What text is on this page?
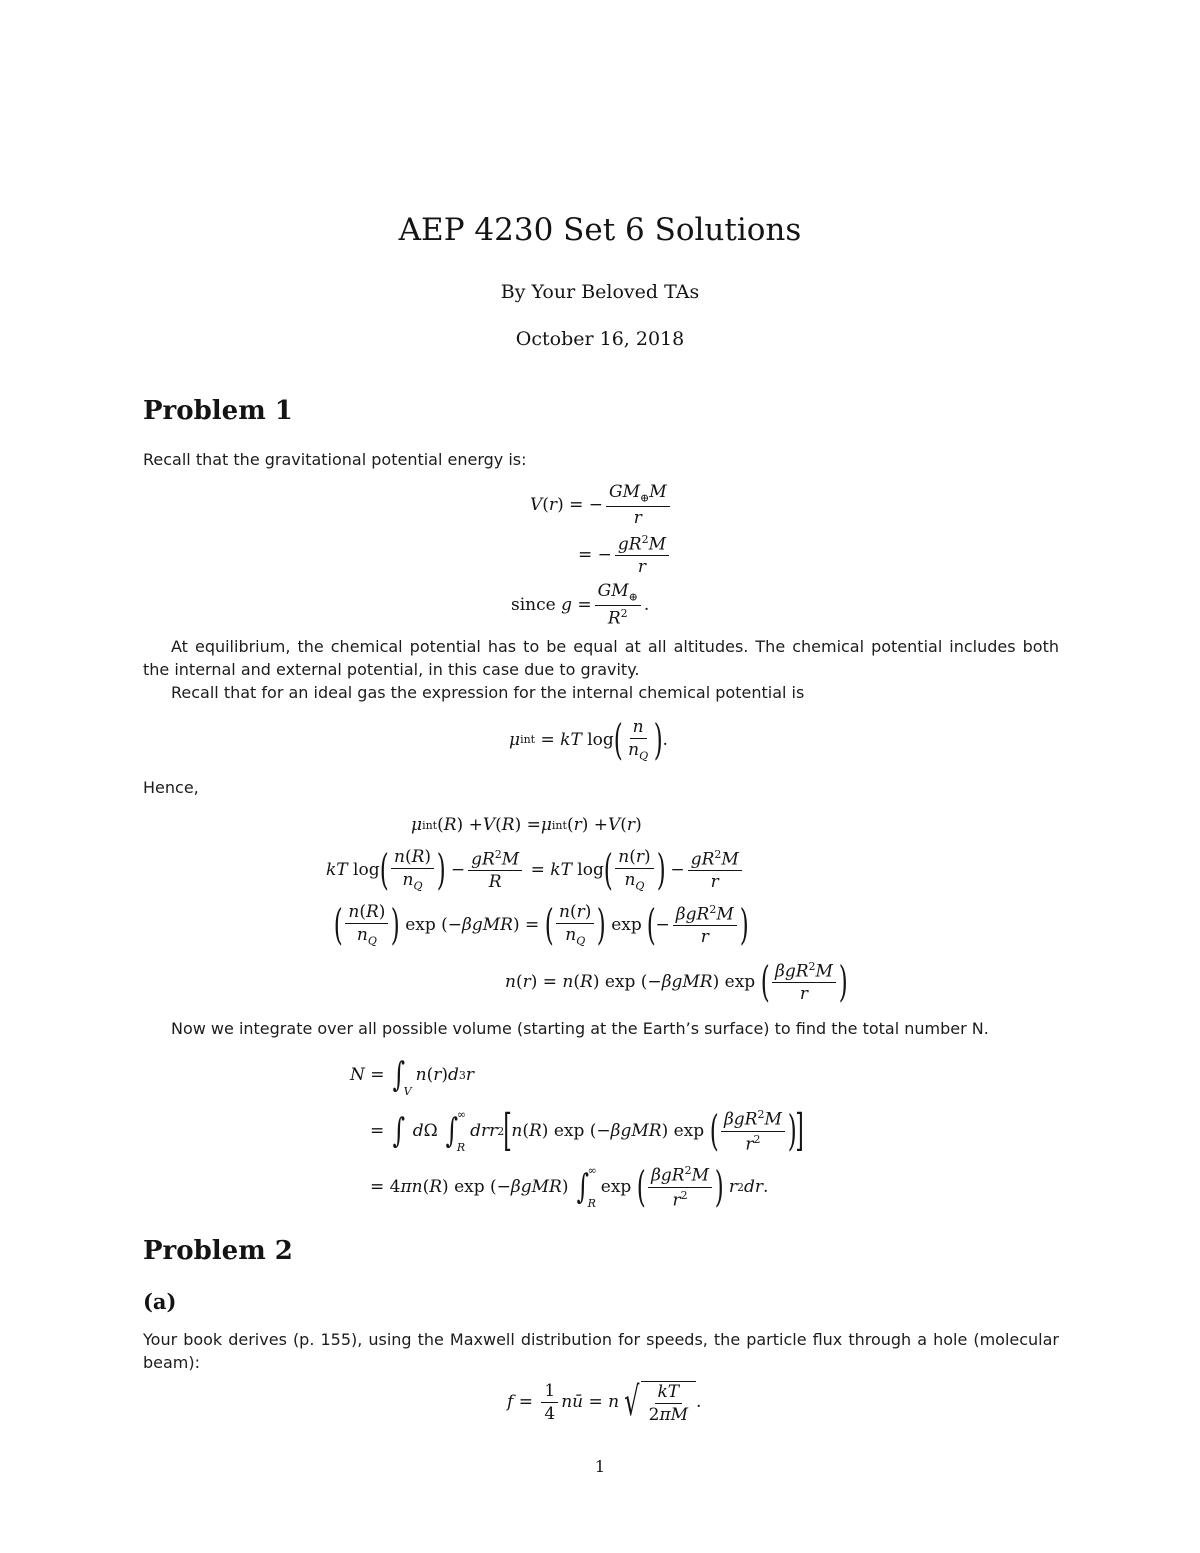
AEP 4230 Set 6 Solutions
By Your Beloved TAs
October 16, 2018
Problem 1
Recall that the gravitational potential energy is:
V ( r ) = − $\frac{GM_\oplus M}{r}$
= − $\frac{gR^2M}{r}$
since $g = \frac{GM_\oplus}{R^2}$ .
At equilibrium, the chemical potential has to be equal at all altitudes. The chemical potential includes both the internal and external potential, in this case due to gravity.
Recall that for an ideal gas the expression for the internal chemical potential is
μ int = kT log ( $\frac{n}{n_Q}$ ) .
Hence,
μ int ( R ) + V ( R ) = μ int ( r ) + V ( r )
kT log ( $\frac{n(R)}{n_Q}$ ) − $\frac{gR^2M}{R}$ = kT log ( $\frac{n(r)}{n_Q}$ ) − $\frac{gR^2M}{r}$
( $\frac{n(R)}{n_Q}$ ) exp (− βgMR ) = ( $\frac{n(r)}{n_Q}$ ) exp ( − $\frac{\beta gR^2M}{r}$ )
n ( r ) = n ( R ) exp (− βgMR ) exp ( $\frac{\beta gR^2M}{r}$ )
Now we integrate over all possible volume (starting at the Earth’s surface) to find the total number N.
N = ∫
V
n ( r ) d 3 r
= ∫
d Ω ∫
∞
R
drr 2 [ n ( R ) exp (− βgMR ) exp ( $\frac{\beta gR^2M}{r^2}$ )
]
= 4 πn ( R ) exp (− βgMR ) ∫
∞
R
exp ( $\frac{\beta gR^2M}{r^2}$ )
r 2 dr .
Problem 2
(a)
Your book derives (p. 155), using the Maxwell distribution for speeds, the particle flux through a hole (molecular beam):
$f = \frac{1}{4}$ nū = n √ $\frac{kT}{2\pi M}$ .
1
